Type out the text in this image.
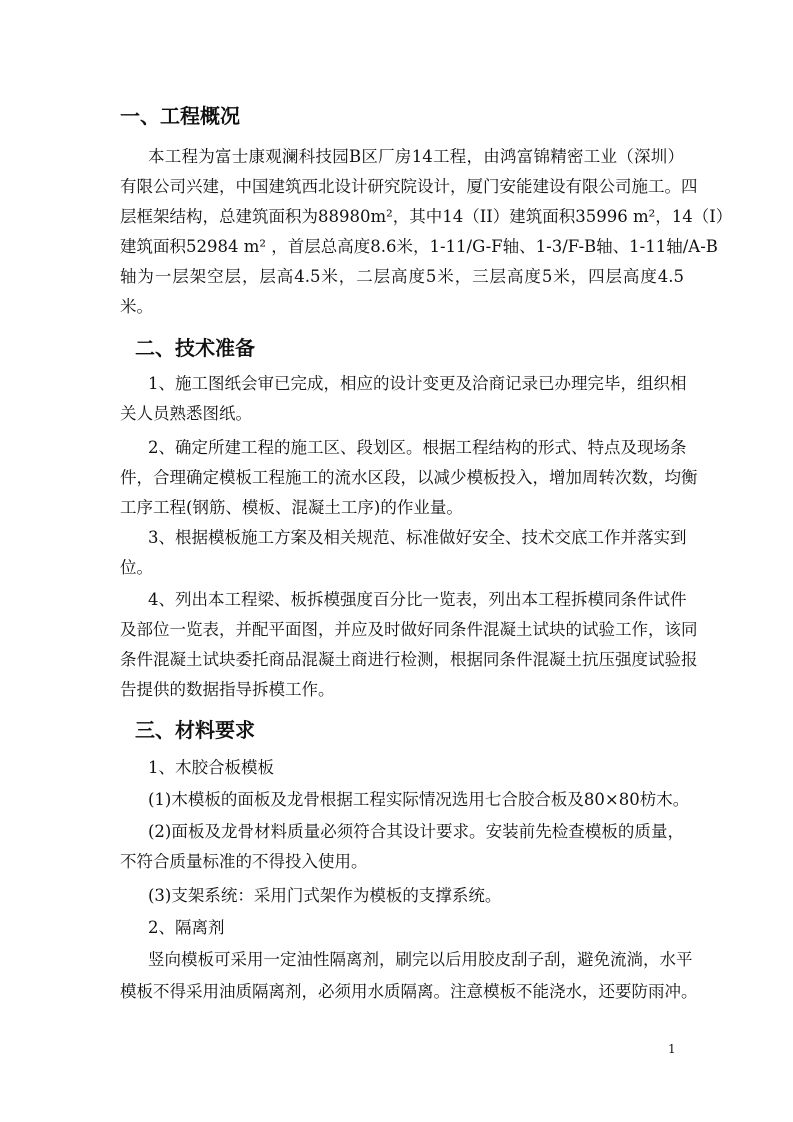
一、工程概况
本工程为富士康观澜科技园B区厂房14工程，由鸿富锦精密工业（深圳）
有限公司兴建，中国建筑西北设计研究院设计，厦门安能建设有限公司施工。四
层框架结构，总建筑面积为88980m²，其中14（II）建筑面积35996 m²，14（I）
建筑面积52984 m² ，首层总高度8.6米，1-11/G-F轴、1-3/F-B轴、1-11轴/A-B
轴为一层架空层，层高4.5米，二层高度5米，三层高度5米，四层高度4.5
米。
二、技术准备
1、施工图纸会审已完成，相应的设计变更及洽商记录已办理完毕，组织相
关人员熟悉图纸。
2、确定所建工程的施工区、段划区。根据工程结构的形式、特点及现场条
件，合理确定模板工程施工的流水区段，以减少模板投入，增加周转次数，均衡
工序工程(钢筋、模板、混凝土工序)的作业量。
3、根据模板施工方案及相关规范、标准做好安全、技术交底工作并落实到
位。
4、列出本工程梁、板拆模强度百分比一览表，列出本工程拆模同条件试件
及部位一览表，并配平面图，并应及时做好同条件混凝土试块的试验工作，该同
条件混凝土试块委托商品混凝土商进行检测，根据同条件混凝土抗压强度试验报
告提供的数据指导拆模工作。
三、材料要求
1、木胶合板模板
(1)木模板的面板及龙骨根据工程实际情况选用七合胶合板及80×80枋木。
(2)面板及龙骨材料质量必须符合其设计要求。安装前先检查模板的质量，
不符合质量标准的不得投入使用。
(3)支架系统：采用门式架作为模板的支撑系统。
2、隔离剂
竖向模板可采用一定油性隔离剂，刷完以后用胶皮刮子刮，避免流淌，水平
模板不得采用油质隔离剂，必须用水质隔离。注意模板不能浇水，还要防雨冲。
1
